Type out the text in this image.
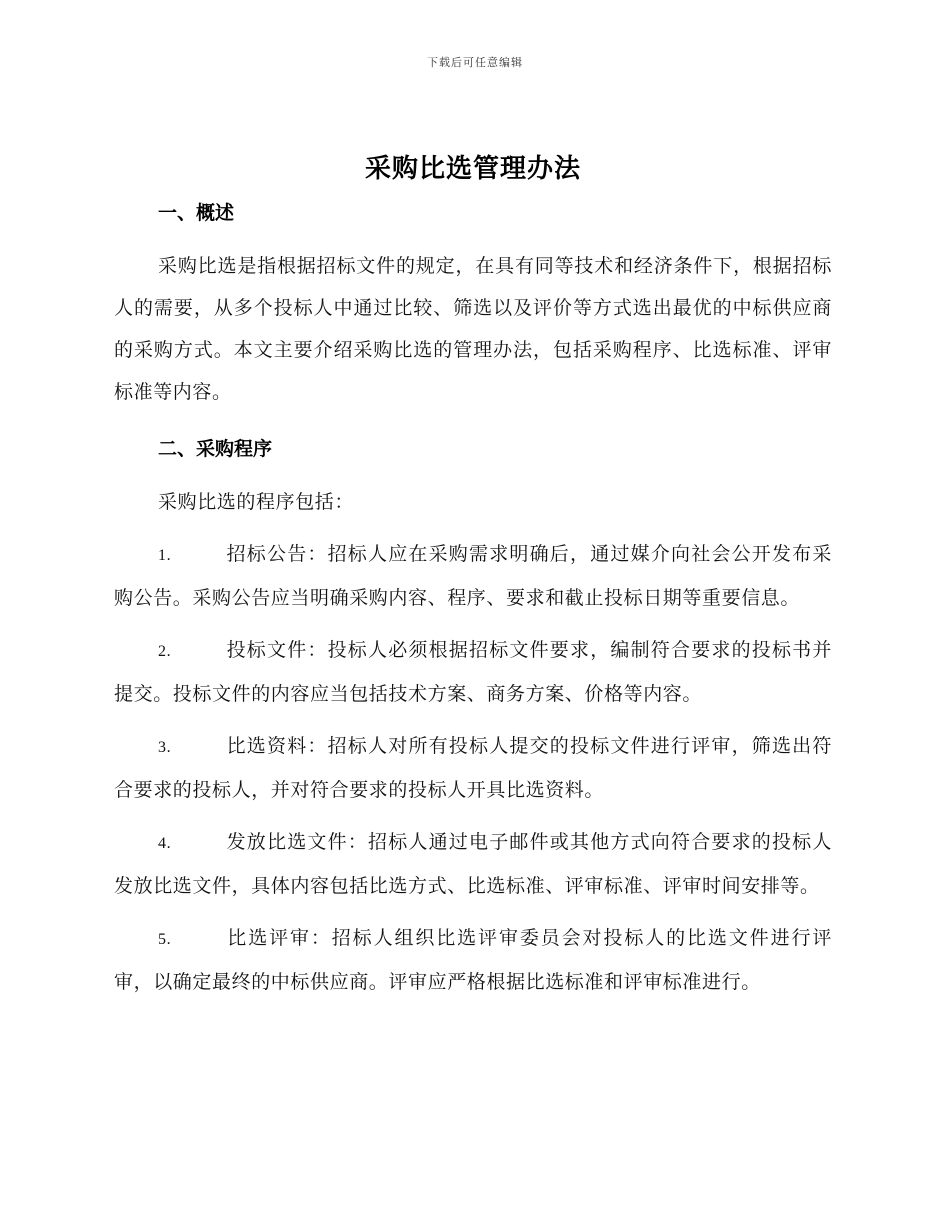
下载后可任意编辑
采购比选管理办法
一、概述

采购比选是指根据招标文件的规定，在具有同等技术和经济条件下，根据招标人的需要，从多个投标人中通过比较、筛选以及评价等方式选出最优的中标供应商的采购方式。本文主要介绍采购比选的管理办法，包括采购程序、比选标准、评审标准等内容。

二、采购程序

采购比选的程序包括：

1.	招标公告：招标人应在采购需求明确后，通过媒介向社会公开发布采购公告。采购公告应当明确采购内容、程序、要求和截止投标日期等重要信息。
2.	投标文件：投标人必须根据招标文件要求，编制符合要求的投标书并提交。投标文件的内容应当包括技术方案、商务方案、价格等内容。
3.	比选资料：招标人对所有投标人提交的投标文件进行评审，筛选出符合要求的投标人，并对符合要求的投标人开具比选资料。
4.	发放比选文件：招标人通过电子邮件或其他方式向符合要求的投标人发放比选文件，具体内容包括比选方式、比选标准、评审标准、评审时间安排等。
5.	比选评审：招标人组织比选评审委员会对投标人的比选文件进行评审，以确定最终的中标供应商。评审应严格根据比选标准和评审标准进行。
